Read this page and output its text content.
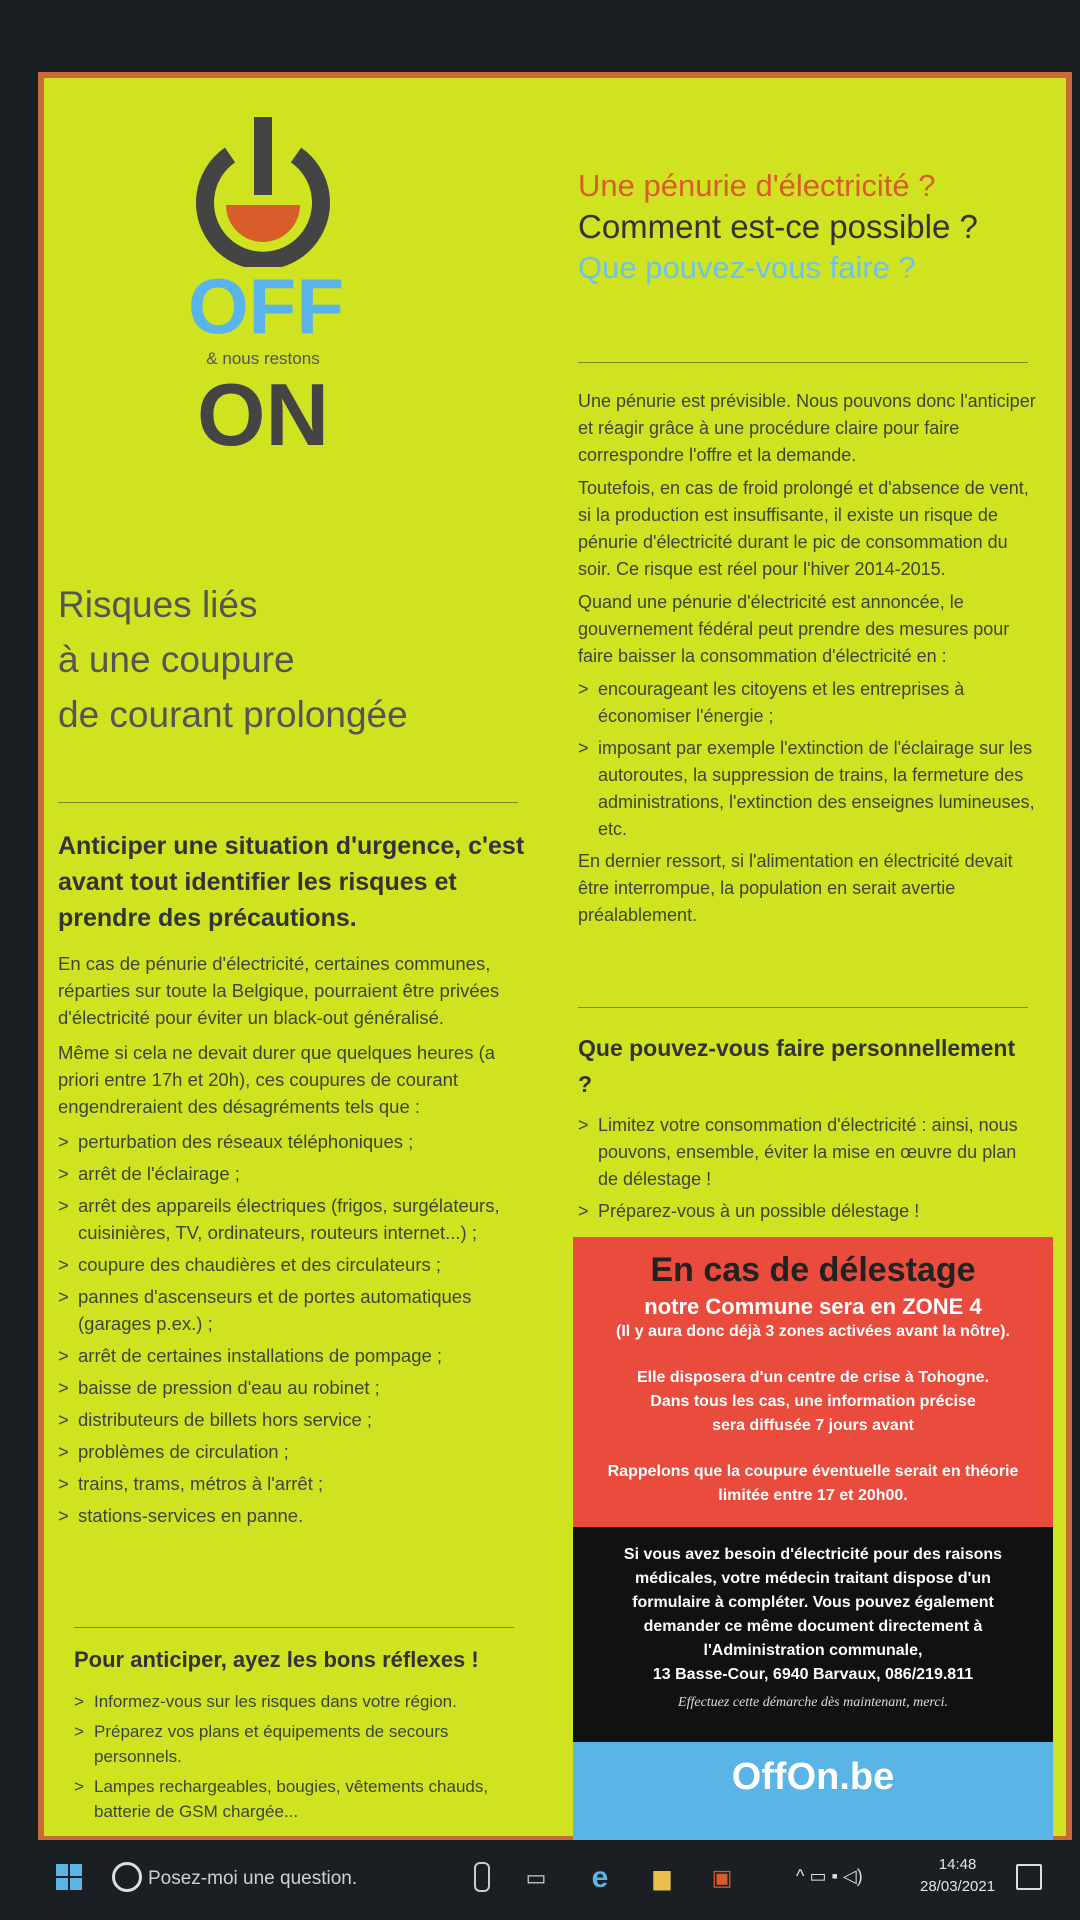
OFF
& nous restons
ON
Risques liés
à une coupure
de courant prolongée
Anticiper une situation d'urgence, c'est avant tout identifier les risques et prendre des précautions.

En cas de pénurie d'électricité, certaines communes, réparties sur toute la Belgique, pourraient être privées d'électricité pour éviter un black-out généralisé.

Même si cela ne devait durer que quelques heures (a priori entre 17h et 20h), ces coupures de courant engendreraient des désagréments tels que :

> perturbation des réseaux téléphoniques ;
> arrêt de l'éclairage ;
> arrêt des appareils électriques (frigos, surgélateurs, cuisinières, TV, ordinateurs, routeurs internet...) ;
> coupure des chaudières et des circulateurs ;
> pannes d'ascenseurs et de portes automatiques (garages p.ex.) ;
> arrêt de certaines installations de pompage ;
> baisse de pression d'eau au robinet ;
> distributeurs de billets hors service ;
> problèmes de circulation ;
> trains, trams, métros à l'arrêt ;
> stations-services en panne.
Pour anticiper, ayez les bons réflexes !
> Informez-vous sur les risques dans votre région.
> Préparez vos plans et équipements de secours personnels.
> Lampes rechargeables, bougies, vêtements chauds, batterie de GSM chargée...
Une pénurie d'électricité ?
Comment est-ce possible ?
Que pouvez-vous faire ?

Une pénurie est prévisible. Nous pouvons donc l'anticiper et réagir grâce à une procédure claire pour faire correspondre l'offre et la demande.

Toutefois, en cas de froid prolongé et d'absence de vent, si la production est insuffisante, il existe un risque de pénurie d'électricité durant le pic de consommation du soir. Ce risque est réel pour l'hiver 2014-2015.

Quand une pénurie d'électricité est annoncée, le gouvernement fédéral peut prendre des mesures pour faire baisser la consommation d'électricité en :

> encourageant les citoyens et les entreprises à économiser l'énergie ;
> imposant par exemple l'extinction de l'éclairage sur les autoroutes, la suppression de trains, la fermeture des administrations, l'extinction des enseignes lumineuses, etc.

En dernier ressort, si l'alimentation en électricité devait être interrompue, la population en serait avertie préalablement.

Que pouvez-vous faire personnellement ?
> Limitez votre consommation d'électricité : ainsi, nous pouvons, ensemble, éviter la mise en œuvre du plan de délestage !
> Préparez-vous à un possible délestage !
En cas de délestage
notre Commune sera en ZONE 4
(Il y aura donc déjà 3 zones activées avant la nôtre).
Elle disposera d'un centre de crise à Tohogne.
Dans tous les cas, une information précise
sera diffusée 7 jours avant
Rappelons que la coupure éventuelle serait en théorie
limitée entre 17 et 20h00.
Si vous avez besoin d'électricité pour des raisons
médicales, votre médecin traitant dispose d'un
formulaire à compléter. Vous pouvez également
demander ce même document directement à
l'Administration communale,
13 Basse-Cour, 6940 Barvaux, 086/219.811
Effectuez cette démarche dès maintenant, merci.
OffOn.be
Posez-moi une question.	▭ e	▆	▣	^ ▭ ▪ ◁)
14:48
28/03/2021
